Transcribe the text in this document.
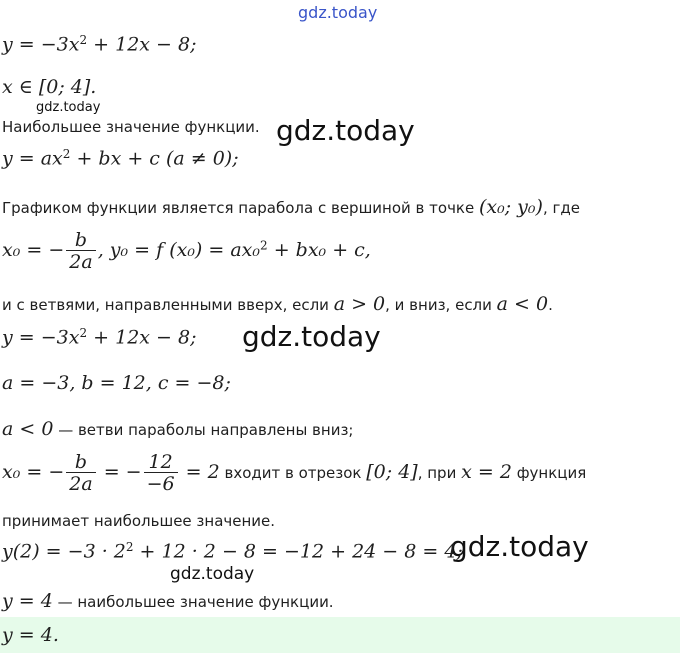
gdz.today
gdz.today
gdz.today
gdz.today
gdz.today
gdz.today
$y = -3x^2 + 12x - 8$;
x ∈ [0; 4].
Наибольшее значение функции.
$y = ax^2$ + bx + c (a ≠ 0);
Графиком функции является парабола с вершиной в точке (x₀; y₀), где
x₀ = − $\frac{b}{2a}$ , y₀ = f (x₀) = ax₀$^2$ + bx₀ + c,
и с ветвями, направленными вверх, если a > 0, и вниз, если a < 0.
$y = -3x^2 + 12x - 8$;
a = −3, b = 12, c = −8;
a < 0 — ветви параболы направлены вниз;
x₀ = − $\frac{b}{2a}$ = − $\frac{12}{-6} = 2$ входит в отрезок [0; 4], при x = 2 функция
принимает наибольшее значение.
$y(2) = -3 \cdot 2^2 + 12 \cdot 2 - 8 = -12 + 24 - 8 = 4$;
y = 4 — наибольшее значение функции.
y = 4.
